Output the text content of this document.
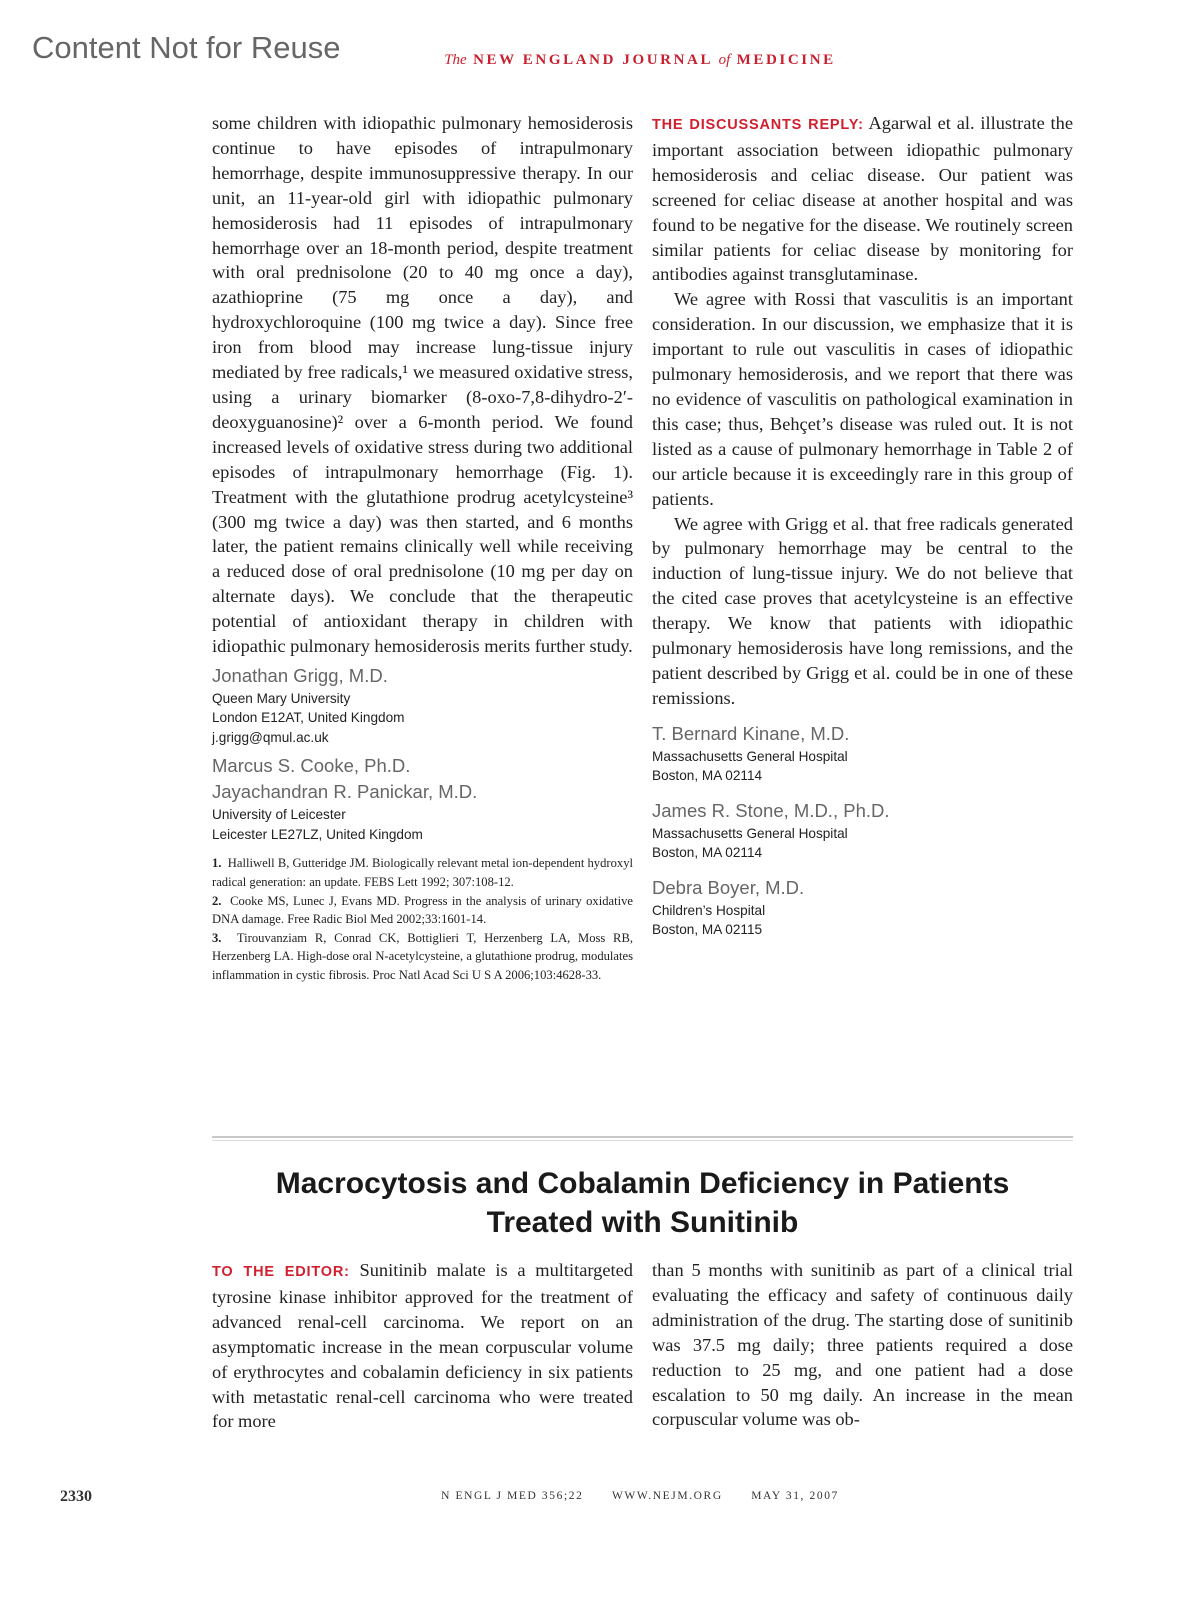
Content Not for Reuse	The NEW ENGLAND JOURNAL of MEDICINE

some children with idiopathic pulmonary hemosiderosis continue to have episodes of intrapulmonary hemorrhage, despite immunosuppressive therapy. In our unit, an 11-year-old girl with idiopathic pulmonary hemosiderosis had 11 episodes of intrapulmonary hemorrhage over an 18-month period, despite treatment with oral prednisolone (20 to 40 mg once a day), azathioprine (75 mg once a day), and hydroxychloroquine (100 mg twice a day). Since free iron from blood may increase lung-tissue injury mediated by free radicals,¹ we measured oxidative stress, using a urinary biomarker (8-oxo-7,8-dihydro-2′-deoxyguanosine)² over a 6-month period. We found increased levels of oxidative stress during two additional episodes of intrapulmonary hemorrhage (Fig. 1). Treatment with the glutathione prodrug acetylcysteine³ (300 mg twice a day) was then started, and 6 months later, the patient remains clinically well while receiving a reduced dose of oral prednisolone (10 mg per day on alternate days). We conclude that the therapeutic potential of antioxidant therapy in children with idiopathic pulmonary hemosiderosis merits further study.

Jonathan Grigg, M.D.
Queen Mary University
London E12AT, United Kingdom
j.grigg@qmul.ac.uk
Marcus S. Cooke, Ph.D.
Jayachandran R. Panickar, M.D.
University of Leicester
Leicester LE27LZ, United Kingdom
1. Halliwell B, Gutteridge JM. Biologically relevant metal ion-dependent hydroxyl radical generation: an update. FEBS Lett 1992; 307:108-12.
2. Cooke MS, Lunec J, Evans MD. Progress in the analysis of urinary oxidative DNA damage. Free Radic Biol Med 2002;33:1601-14.
3. Tirouvanziam R, Conrad CK, Bottiglieri T, Herzenberg LA, Moss RB, Herzenberg LA. High-dose oral N-acetylcysteine, a glutathione prodrug, modulates inflammation in cystic fibrosis. Proc Natl Acad Sci U S A 2006;103:4628-33.

THE DISCUSSANTS REPLY: Agarwal et al. illustrate the important association between idiopathic pulmonary hemosiderosis and celiac disease. Our patient was screened for celiac disease at another hospital and was found to be negative for the disease. We routinely screen similar patients for celiac disease by monitoring for antibodies against transglutaminase.

We agree with Rossi that vasculitis is an important consideration. In our discussion, we emphasize that it is important to rule out vasculitis in cases of idiopathic pulmonary hemosiderosis, and we report that there was no evidence of vasculitis on pathological examination in this case; thus, Behçet’s disease was ruled out. It is not listed as a cause of pulmonary hemorrhage in Table 2 of our article because it is exceedingly rare in this group of patients.

We agree with Grigg et al. that free radicals generated by pulmonary hemorrhage may be central to the induction of lung-tissue injury. We do not believe that the cited case proves that acetylcysteine is an effective therapy. We know that patients with idiopathic pulmonary hemosiderosis have long remissions, and the patient described by Grigg et al. could be in one of these remissions.

T. Bernard Kinane, M.D.
Massachusetts General Hospital
Boston, MA 02114
James R. Stone, M.D., Ph.D.
Massachusetts General Hospital
Boston, MA 02114
Debra Boyer, M.D.
Children’s Hospital
Boston, MA 02115
Macrocytosis and Cobalamin Deficiency in Patients
Treated with Sunitinib

TO THE EDITOR: Sunitinib malate is a multitargeted tyrosine kinase inhibitor approved for the treatment of advanced renal-cell carcinoma. We report on an asymptomatic increase in the mean corpuscular volume of erythrocytes and cobalamin deficiency in six patients with metastatic renal-cell carcinoma who were treated for more

than 5 months with sunitinib as part of a clinical trial evaluating the efficacy and safety of continuous daily administration of the drug. The starting dose of sunitinib was 37.5 mg daily; three patients required a dose reduction to 25 mg, and one patient had a dose escalation to 50 mg daily. An increase in the mean corpuscular volume was ob-

2330	N ENGL J MED 356;22 WWW.NEJM.ORG MAY 31, 2007
